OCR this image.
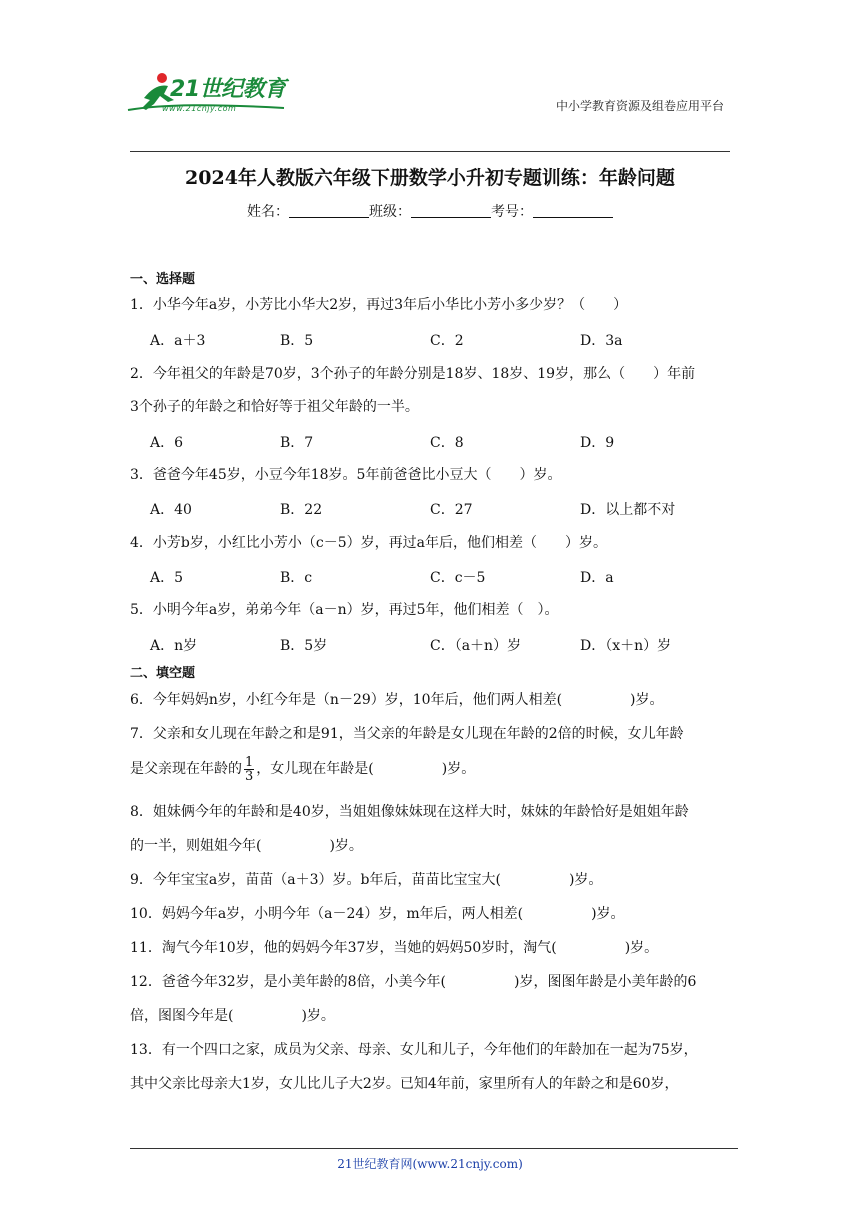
21世纪教育
www.21cnjy.com	中小学教育资源及组卷应用平台
2024年人教版六年级下册数学小升初专题训练：年龄问题
姓名：	班级：	考号：
一、选择题
1．小华今年a岁，小芳比小华大2岁，再过3年后小华比小芳小多少岁？（　　）
A．a＋3	B．5	C．2	D．3a
2．今年祖父的年龄是70岁，3个孙子的年龄分别是18岁、18岁、19岁，那么（　　）年前
3个孙子的年龄之和恰好等于祖父年龄的一半。
A．6	B．7	C．8	D．9
3．爸爸今年45岁，小豆今年18岁。5年前爸爸比小豆大（　　）岁。
A．40	B．22	C．27	D．以上都不对
4．小芳b岁，小红比小芳小（c－5）岁，再过a年后，他们相差（　　）岁。
A．5	B．c	C．c－5	D．a
5．小明今年a岁，弟弟今年（a－n）岁，再过5年，他们相差（　）。
A．n岁	B．5岁	C．（a＋n）岁	D．（x＋n）岁
二、填空题
6．今年妈妈n岁，小红今年是（n－29）岁，10年后，他们两人相差(	)岁。
7．父亲和女儿现在年龄之和是91，当父亲的年龄是女儿现在年龄的2倍的时候，女儿年龄
是父亲现在年龄的 $\frac{1}{3}$ ，女儿现在年龄是(	)岁。
8．姐妹俩今年的年龄和是40岁，当姐姐像妹妹现在这样大时，妹妹的年龄恰好是姐姐年龄
的一半，则姐姐今年(	)岁。
9．今年宝宝a岁，苗苗（a＋3）岁。b年后，苗苗比宝宝大(	)岁。
10．妈妈今年a岁，小明今年（a－24）岁，m年后，两人相差(	)岁。
11．淘气今年10岁，他的妈妈今年37岁，当她的妈妈50岁时，淘气(	)岁。
12．爸爸今年32岁，是小美年龄的8倍，小美今年(	)岁，图图年龄是小美年龄的6
倍，图图今年是(	)岁。
13．有一个四口之家，成员为父亲、母亲、女儿和儿子，今年他们的年龄加在一起为75岁，
其中父亲比母亲大1岁，女儿比儿子大2岁。已知4年前，家里所有人的年龄之和是60岁，
21世纪教育网(www.21cnjy.com)
